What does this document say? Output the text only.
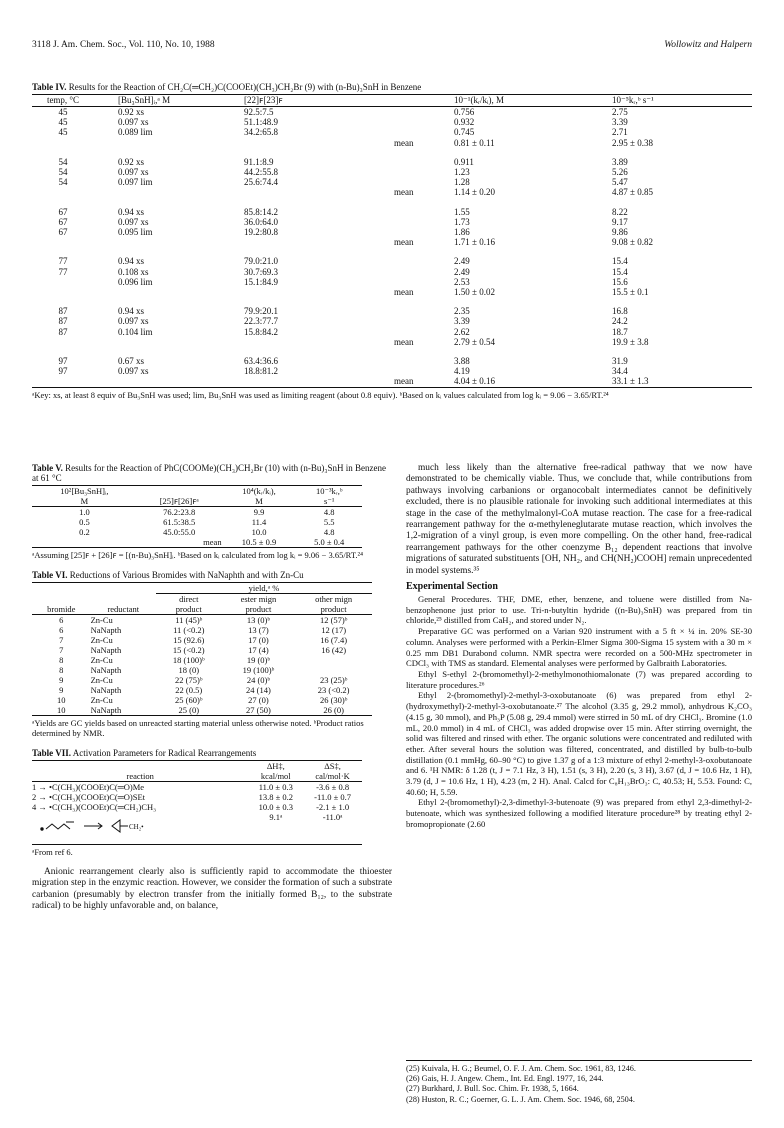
3118 J. Am. Chem. Soc., Vol. 110, No. 10, 1988	Wollowitz and Halpern
Table IV. Results for the Reaction of CH₂C(═CH₂)C(COOEt)(CH₃)CH₂Br (9) with (n-Bu)₃SnH in Benzene
temp, °C	[Bu₃SnH]ᵢ,ᵃ M	[22]ꜰ[23]ꜰ		10⁻¹(kᵣ/kᵢ), M	10⁻⁵kᵣ,ᵇ s⁻¹
45	0.92 xs	92.5:7.5		0.756	2.75
45	0.097 xs	51.1:48.9		0.932	3.39
45	0.089 lim	34.2:65.8		0.745	2.71
			mean	0.81 ± 0.11	2.95 ± 0.38

54	0.92 xs	91.1:8.9		0.911	3.89
54	0.097 xs	44.2:55.8		1.23	5.26
54	0.097 lim	25.6:74.4		1.28	5.47
			mean	1.14 ± 0.20	4.87 ± 0.85

67	0.94 xs	85.8:14.2		1.55	8.22
67	0.097 xs	36.0:64.0		1.73	9.17
67	0.095 lim	19.2:80.8		1.86	9.86
			mean	1.71 ± 0.16	9.08 ± 0.82

77	0.94 xs	79.0:21.0		2.49	15.4
77	0.108 xs	30.7:69.3		2.49	15.4
	0.096 lim	15.1:84.9		2.53	15.6
			mean	1.50 ± 0.02	15.5 ± 0.1

87	0.94 xs	79.9:20.1		2.35	16.8
87	0.097 xs	22.3:77.7		3.39	24.2
87	0.104 lim	15.8:84.2		2.62	18.7
			mean	2.79 ± 0.54	19.9 ± 3.8

97	0.67 xs	63.4:36.6		3.88	31.9
97	0.097 xs	18.8:81.2		4.19	34.4
			mean	4.04 ± 0.16	33.1 ± 1.3
ᵃKey: xs, at least 8 equiv of Bu₃SnH was used; lim, Bu₃SnH was used as limiting reagent (about 0.8 equiv). ᵇBased on kᵢ values calculated from log kᵢ = 9.06 − 3.65/RT.²⁴
Table V. Results for the Reaction of PhC(COOMe)(CH₃)CH₂Br (10) with (n-Bu)₃SnH in Benzene at 61 °C
10²[Bu₃SnH]ᵢ,		10⁴(kᵣ/kᵢ),	10⁻³kᵣ,ᵇ
M	[25]ꜰ[26]ꜰᵃ	M	s⁻¹
1.0	76.2:23.8	9.9	4.8
0.5	61.5:38.5	11.4	5.5
0.2	45.0:55.0	10.0	4.8
	mean	10.5 ± 0.9	5.0 ± 0.4
ᵃAssuming [25]ꜰ + [26]ꜰ = [(n-Bu)₃SnH]ᵢ. ᵇBased on kᵢ calculated from log kᵢ = 9.06 − 3.65/RT.²⁴
Table VI. Reductions of Various Bromides with NaNaphth and with Zn-Cu
		yield,ᵃ %		
		direct	ester mign	other mign
bromide	reductant	product	product	product
6	Zn-Cu	11 (45)ᵇ	13 (0)ᵇ	12 (57)ᵇ
6	NaNapth	11 (<0.2)	13 (7)	12 (17)
7	Zn-Cu	15 (92.6)	17 (0)	16 (7.4)
7	NaNapth	15 (<0.2)	17 (4)	16 (42)
8	Zn-Cu	18 (100)ᵇ	19 (0)ᵇ	
8	NaNapth	18 (0)	19 (100)ᵇ	
9	Zn-Cu	22 (75)ᵇ	24 (0)ᵇ	23 (25)ᵇ
9	NaNapth	22 (0.5)	24 (14)	23 (<0.2)
10	Zn-Cu	25 (60)ᵇ	27 (0)	26 (30)ᵇ
10	NaNapth	25 (0)	27 (50)	26 (0)
ᵃYields are GC yields based on unreacted starting material unless otherwise noted. ᵇProduct ratios determined by NMR.
Table VII. Activation Parameters for Radical Rearrangements
	ΔH‡,	ΔS‡,
reaction	kcal/mol	cal/mol·K
1 → •C(CH₃)(COOEt)C(═O)Me	11.0 ± 0.3	-3.6 ± 0.8
2 → •C(CH₃)(COOEt)C(═O)SEt	13.8 ± 0.2	-11.0 ± 0.7
4 → •C(CH₃)(COOEt)C(═CH₂)CH₃	10.0 ± 0.3	-2.1 ± 1.0

CH₂•	9.1ᵃ	-11.0ᵃ
ᵃFrom ref 6.

Anionic rearrangement clearly also is sufficiently rapid to accommodate the thioester migration step in the enzymic reaction. However, we consider the formation of such a substrate carbanion (presumably by electron transfer from the initially formed B₁₂, to the substrate radical) to be highly unfavorable and, on balance,

much less likely than the alternative free-radical pathway that we now have demonstrated to be chemically viable. Thus, we conclude that, while contributions from pathways involving carbanions or organocobalt intermediates cannot be definitively excluded, there is no plausible rationale for invoking such additional intermediates at this stage in the case of the methylmalonyl-CoA mutase reaction. The case for a free-radical rearrangement pathway for the α-methyleneglutarate mutase reaction, which involves the 1,2-migration of a vinyl group, is even more compelling. On the other hand, free-radical rearrangement pathways for the other coenzyme B₁₂ dependent reactions that involve migrations of saturated substituents [OH, NH₂, and CH(NH₂)COOH] remain unprecedented in model systems.³⁵

Experimental Section

General Procedures. THF, DME, ether, benzene, and toluene were distilled from Na-benzophenone just prior to use. Tri-n-butyltin hydride ((n-Bu)₃SnH) was prepared from tin chloride,²⁵ distilled from CaH₂, and stored under N₂.

Preparative GC was performed on a Varian 920 instrument with a 5 ft × ¼ in. 20% SE-30 column. Analyses were performed with a Perkin-Elmer Sigma 300-Sigma 15 system with a 30 m × 0.25 mm DB1 Durabond column. NMR spectra were recorded on a 500-MHz spectrometer in CDCl₃ with TMS as standard. Elemental analyses were performed by Galbraith Laboratories.

Ethyl S-ethyl 2-(bromomethyl)-2-methylmonothiomalonate (7) was prepared according to literature procedures.²⁶

Ethyl 2-(bromomethyl)-2-methyl-3-oxobutanoate (6) was prepared from ethyl 2-(hydroxymethyl)-2-methyl-3-oxobutanoate.²⁷ The alcohol (3.35 g, 29.2 mmol), anhydrous K₂CO₃ (4.15 g, 30 mmol), and Ph₃P (5.08 g, 29.4 mmol) were stirred in 50 mL of dry CHCl₃. Bromine (1.0 mL, 20.0 mmol) in 4 mL of CHCl₃ was added dropwise over 15 min. After stirring overnight, the solid was filtered and rinsed with ether. The organic solutions were concentrated and rediluted with ether. After several hours the solution was filtered, concentrated, and distilled by bulb-to-bulb distillation (0.1 mmHg, 60–90 °C) to give 1.37 g of a 1:3 mixture of ethyl 2-methyl-3-oxobutanoate and 6. ¹H NMR: δ 1.28 (t, J = 7.1 Hz, 3 H), 1.51 (s, 3 H), 2.20 (s, 3 H), 3.67 (d, J = 10.6 Hz, 1 H), 3.79 (d, J = 10.6 Hz, 1 H), 4.23 (m, 2 H). Anal. Calcd for C₈H₁₃BrO₃: C, 40.53; H, 5.53. Found: C, 40.60; H, 5.59.

Ethyl 2-(bromomethyl)-2,3-dimethyl-3-butenoate (9) was prepared from ethyl 2,3-dimethyl-2-butenoate, which was synthesized following a modified literature procedure²⁸ by treating ethyl 2-bromopropionate (2.60

(25) Kuivala, H. G.; Beumel, O. F. J. Am. Chem. Soc. 1961, 83, 1246.
(26) Gais, H. J. Angew. Chem., Int. Ed. Engl. 1977, 16, 244.
(27) Burkhard, J. Bull. Soc. Chim. Fr. 1938, 5, 1664.
(28) Huston, R. C.; Goerner, G. L. J. Am. Chem. Soc. 1946, 68, 2504.
